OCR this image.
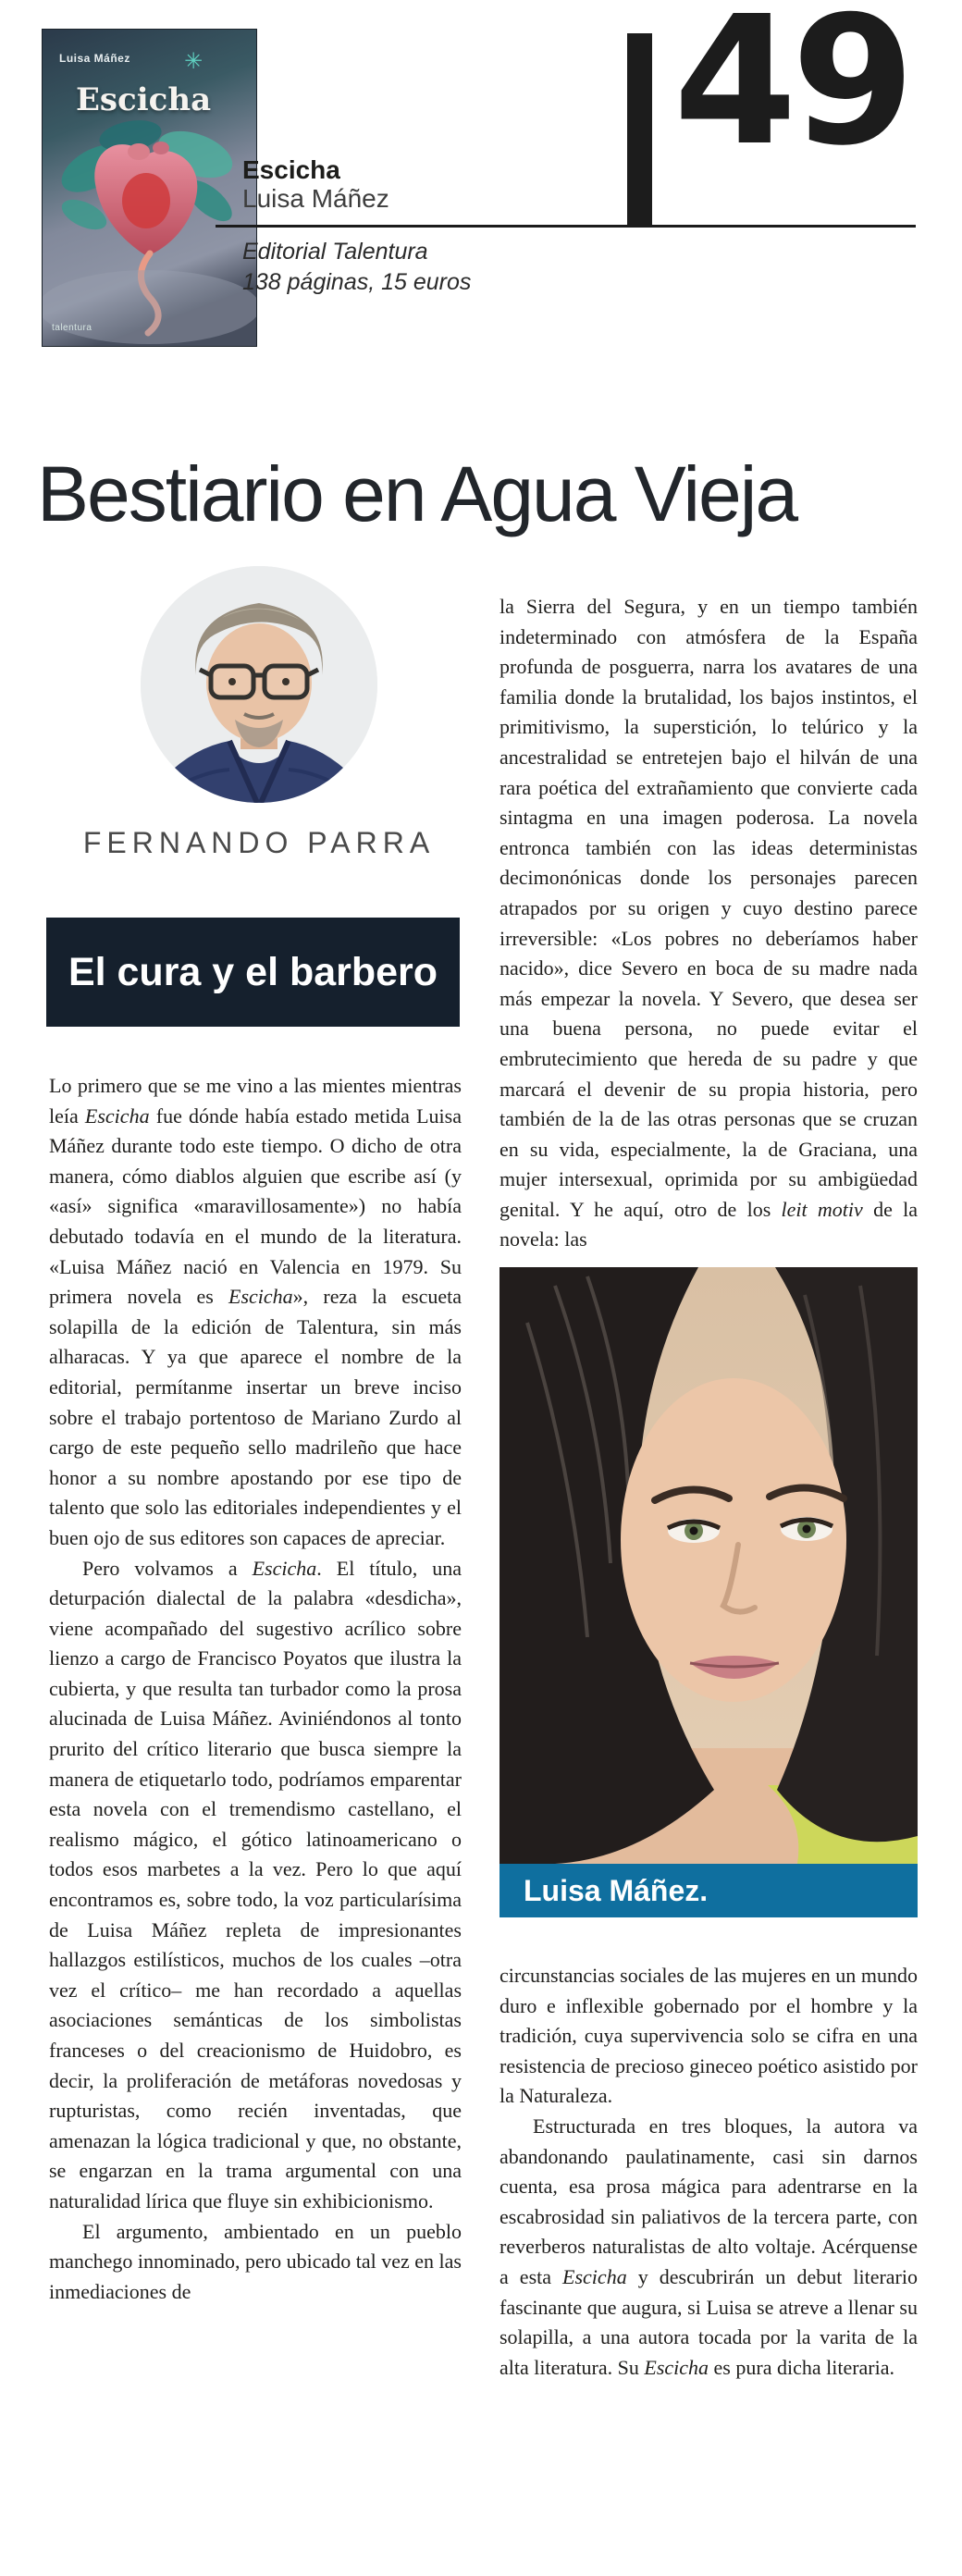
Luisa Máñez ✳
Escicha
talentura
Escicha
Luisa Máñez
49
Editorial Talentura
138 páginas, 15 euros
Bestiario en Agua Vieja
FERNANDO PARRA
El cura y el barbero

Lo primero que se me vino a las mientes mientras leía Escicha fue dónde había estado metida Luisa Máñez durante todo este tiempo. O dicho de otra manera, cómo diablos alguien que escribe así (y «así» significa «maravillosamente») no había debutado todavía en el mundo de la literatura. «Luisa Máñez nació en Valencia en 1979. Su primera novela es Escicha», reza la escueta solapilla de la edición de Talentura, sin más alharacas. Y ya que aparece el nombre de la editorial, permítanme insertar un breve inciso sobre el trabajo portentoso de Mariano Zurdo al cargo de este pequeño sello madrileño que hace honor a su nombre apostando por ese tipo de talento que solo las editoriales independientes y el buen ojo de sus editores son capaces de apreciar.

Pero volvamos a Escicha. El título, una deturpación dialectal de la palabra «desdicha», viene acompañado del sugestivo acrílico sobre lienzo a cargo de Francisco Poyatos que ilustra la cubierta, y que resulta tan turbador como la prosa alucinada de Luisa Máñez. Aviniéndonos al tonto prurito del crítico literario que busca siempre la manera de etiquetarlo todo, podríamos emparentar esta novela con el tremendismo castellano, el realismo mágico, el gótico latinoamericano o todos esos marbetes a la vez. Pero lo que aquí encontramos es, sobre todo, la voz particularísima de Luisa Máñez repleta de impresionantes hallazgos estilísticos, muchos de los cuales –otra vez el crítico– me han recordado a aquellas asociaciones semánticas de los simbolistas franceses o del creacionismo de Huidobro, es decir, la proliferación de metáforas novedosas y rupturistas, como recién inventadas, que amenazan la lógica tradicional y que, no obstante, se engarzan en la trama argumental con una naturalidad lírica que fluye sin exhibicionismo.

El argumento, ambientado en un pueblo manchego innominado, pero ubicado tal vez en las inmediaciones de

la Sierra del Segura, y en un tiempo también indeterminado con atmósfera de la España profunda de posguerra, narra los avatares de una familia donde la brutalidad, los bajos instintos, el primitivismo, la superstición, lo telúrico y la ancestralidad se entretejen bajo el hilván de una rara poética del extrañamiento que convierte cada sintagma en una imagen poderosa. La novela entronca también con las ideas deterministas decimonónicas donde los personajes parecen atrapados por su origen y cuyo destino parece irreversible: «Los pobres no deberíamos haber nacido», dice Severo en boca de su madre nada más empezar la novela. Y Severo, que desea ser una buena persona, no puede evitar el embrutecimiento que hereda de su padre y que marcará el devenir de su propia historia, pero también de la de las otras personas que se cruzan en su vida, especialmente, la de Graciana, una mujer intersexual, oprimida por su ambigüedad genital. Y he aquí, otro de los leit motiv de la novela: las

Luisa Máñez.

circunstancias sociales de las mujeres en un mundo duro e inflexible gobernado por el hombre y la tradición, cuya supervivencia solo se cifra en una resistencia de precioso gineceo poético asistido por la Naturaleza.

Estructurada en tres bloques, la autora va abandonando paulatinamente, casi sin darnos cuenta, esa prosa mágica para adentrarse en la escabrosidad sin paliativos de la tercera parte, con reverberos naturalistas de alto voltaje. Acérquense a esta Escicha y descubrirán un debut literario fascinante que augura, si Luisa se atreve a llenar su solapilla, a una autora tocada por la varita de la alta literatura. Su Escicha es pura dicha literaria.
